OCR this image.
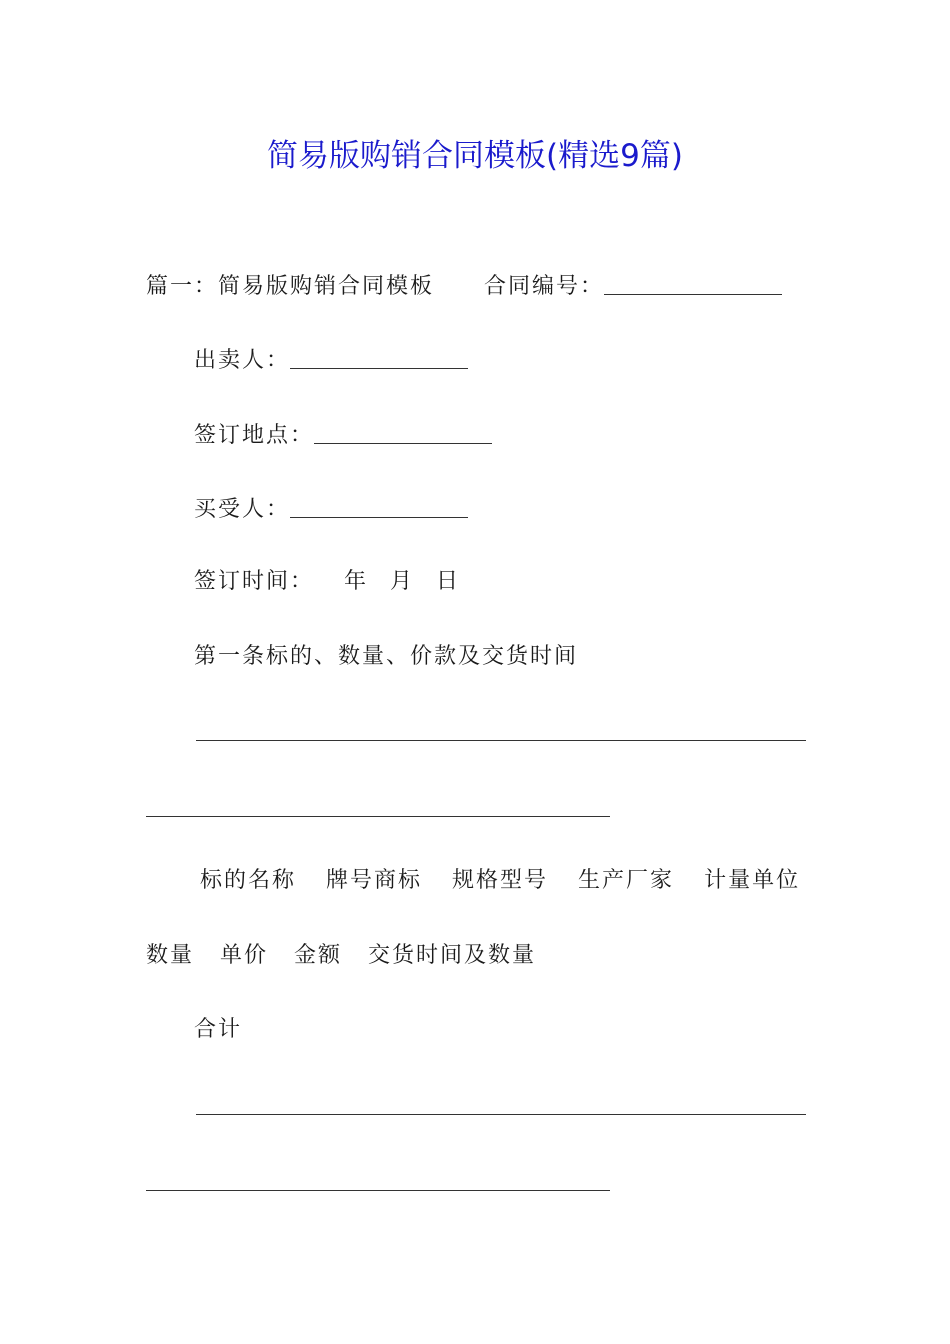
简易版购销合同模板(精选9篇)
篇一：简易版购销合同模板 合同编号：
出卖人：
签订地点：
买受人：
签订时间： 年 月 日
第一条标的、数量、价款及交货时间
标的名称 牌号商标 规格型号 生产厂家 计量单位
数量 单价 金额 交货时间及数量
合计
